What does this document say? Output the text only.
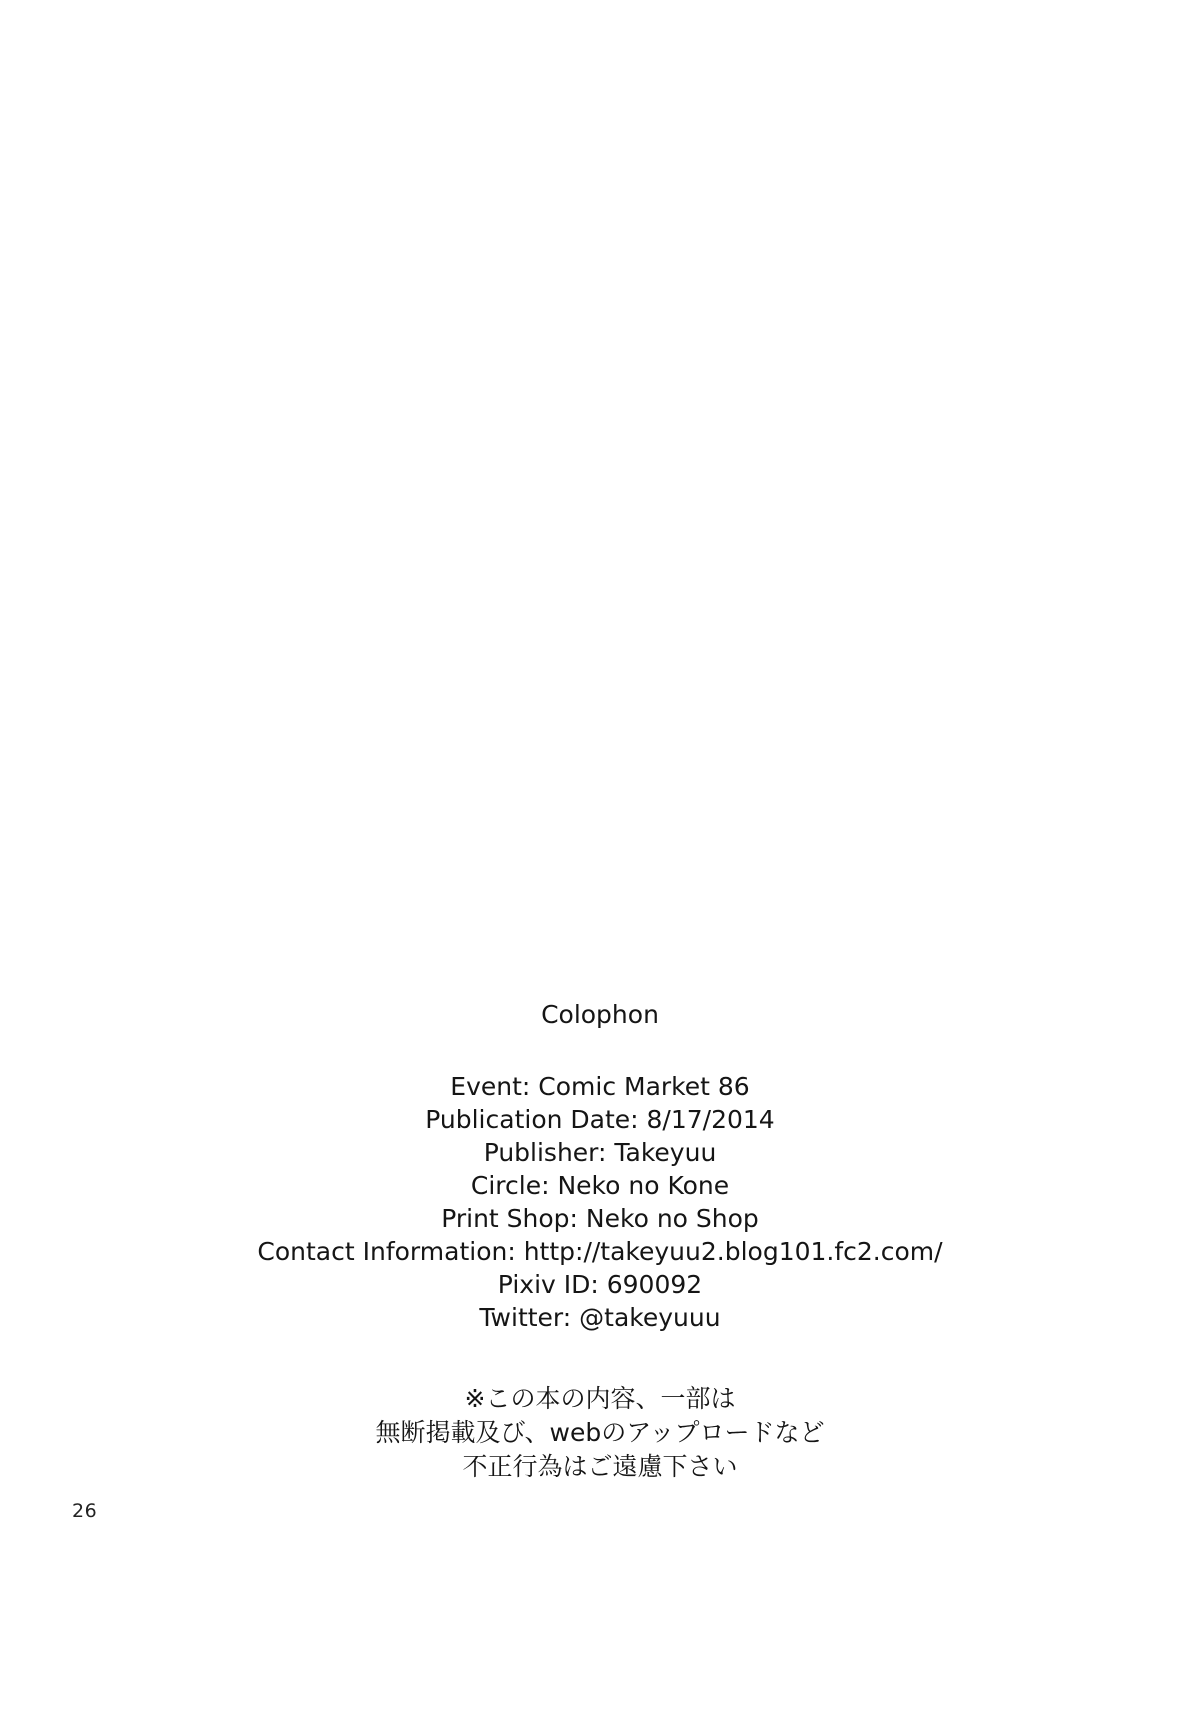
Colophon
Event: Comic Market 86
Publication Date: 8/17/2014
Publisher: Takeyuu
Circle: Neko no Kone
Print Shop: Neko no Shop
Contact Information: http://takeyuu2.blog101.fc2.com/
Pixiv ID: 690092
Twitter: @takeyuuu
※この本の内容、一部は
無断掲載及び、webのアップロードなど
不正行為はご遠慮下さい
26
